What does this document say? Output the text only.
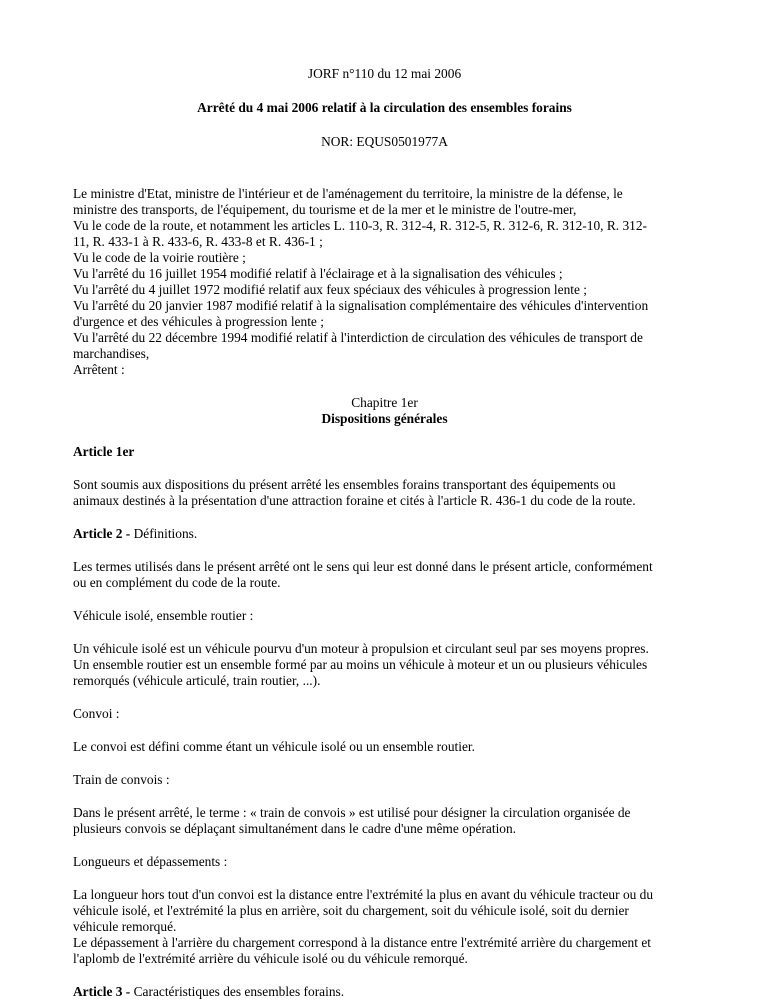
JORF n°110 du 12 mai 2006

Arrêté du 4 mai 2006 relatif à la circulation des ensembles forains

NOR: EQUS0501977A

Le ministre d'Etat, ministre de l'intérieur et de l'aménagement du territoire, la ministre de la défense, le
ministre des transports, de l'équipement, du tourisme et de la mer et le ministre de l'outre-mer,
Vu le code de la route, et notamment les articles L. 110-3, R. 312-4, R. 312-5, R. 312-6, R. 312-10, R. 312-
11, R. 433-1 à R. 433-6, R. 433-8 et R. 436-1 ;
Vu le code de la voirie routière ;
Vu l'arrêté du 16 juillet 1954 modifié relatif à l'éclairage et à la signalisation des véhicules ;
Vu l'arrêté du 4 juillet 1972 modifié relatif aux feux spéciaux des véhicules à progression lente ;
Vu l'arrêté du 20 janvier 1987 modifié relatif à la signalisation complémentaire des véhicules d'intervention
d'urgence et des véhicules à progression lente ;
Vu l'arrêté du 22 décembre 1994 modifié relatif à l'interdiction de circulation des véhicules de transport de
marchandises,
Arrêtent :
Chapitre 1er
Dispositions générales

Article 1er

Sont soumis aux dispositions du présent arrêté les ensembles forains transportant des équipements ou
animaux destinés à la présentation d'une attraction foraine et cités à l'article R. 436-1 du code de la route.

Article 2 - Définitions.

Les termes utilisés dans le présent arrêté ont le sens qui leur est donné dans le présent article, conformément
ou en complément du code de la route.

Véhicule isolé, ensemble routier :

Un véhicule isolé est un véhicule pourvu d'un moteur à propulsion et circulant seul par ses moyens propres.
Un ensemble routier est un ensemble formé par au moins un véhicule à moteur et un ou plusieurs véhicules
remorqués (véhicule articulé, train routier, ...).

Convoi :

Le convoi est défini comme étant un véhicule isolé ou un ensemble routier.

Train de convois :

Dans le présent arrêté, le terme : « train de convois » est utilisé pour désigner la circulation organisée de
plusieurs convois se déplaçant simultanément dans le cadre d'une même opération.

Longueurs et dépassements :

La longueur hors tout d'un convoi est la distance entre l'extrémité la plus en avant du véhicule tracteur ou du
véhicule isolé, et l'extrémité la plus en arrière, soit du chargement, soit du véhicule isolé, soit du dernier
véhicule remorqué.
Le dépassement à l'arrière du chargement correspond à la distance entre l'extrémité arrière du chargement et
l'aplomb de l'extrémité arrière du véhicule isolé ou du véhicule remorqué.

Article 3 - Caractéristiques des ensembles forains.
